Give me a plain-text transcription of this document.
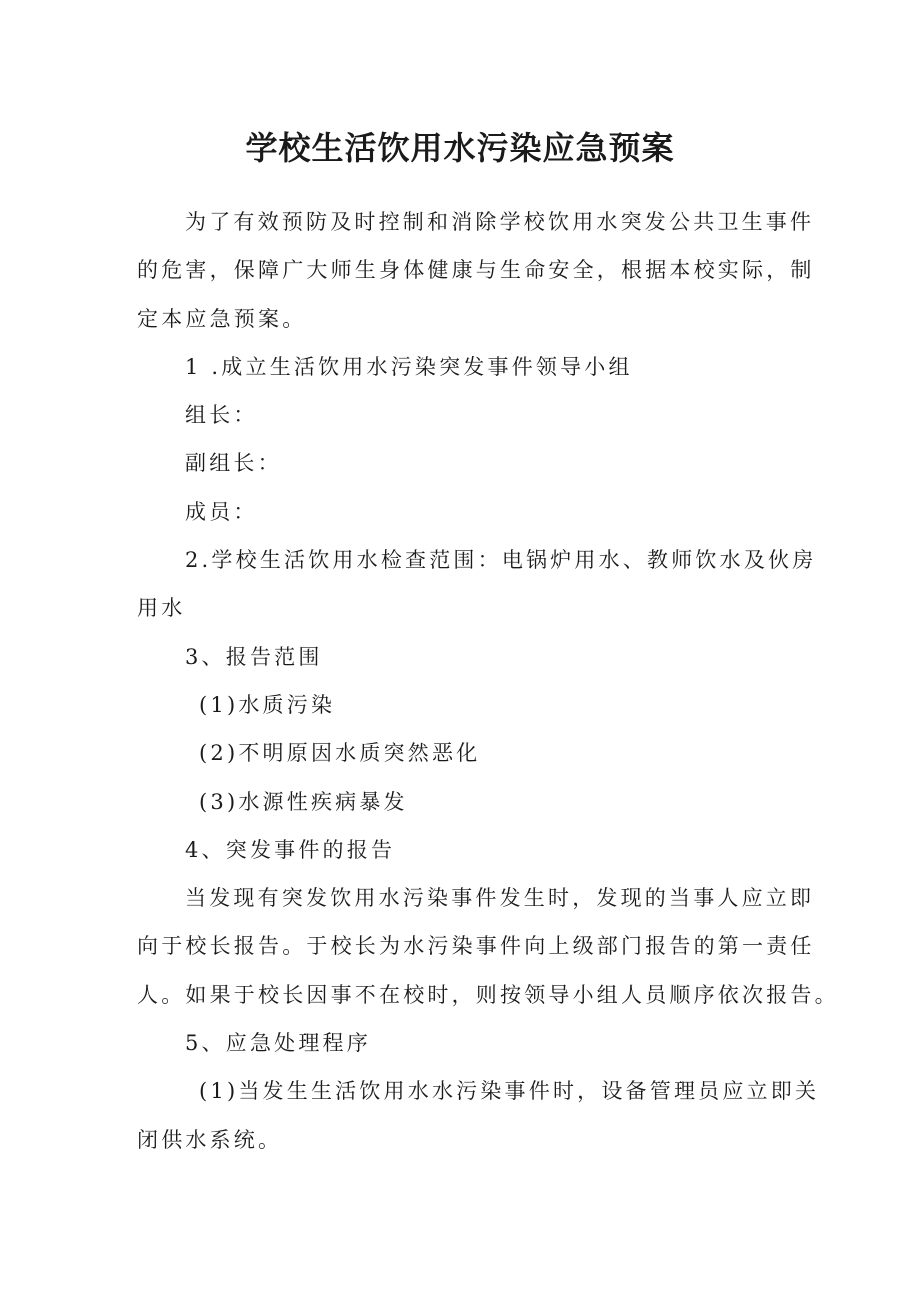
学校生活饮用水污染应急预案

为了有效预防及时控制和消除学校饮用水突发公共卫生事件

的危害，保障广大师生身体健康与生命安全，根据本校实际，制

定本应急预案。

1 .成立生活饮用水污染突发事件领导小组

组长：

副组长：

成员：

2.学校生活饮用水检查范围：电锅炉用水、教师饮水及伙房

用水

3、报告范围

(1)水质污染

(2)不明原因水质突然恶化

(3)水源性疾病暴发

4、突发事件的报告

当发现有突发饮用水污染事件发生时，发现的当事人应立即

向于校长报告。于校长为水污染事件向上级部门报告的第一责任

人。如果于校长因事不在校时，则按领导小组人员顺序依次报告。

5、应急处理程序

(1)当发生生活饮用水水污染事件时，设备管理员应立即关

闭供水系统。
